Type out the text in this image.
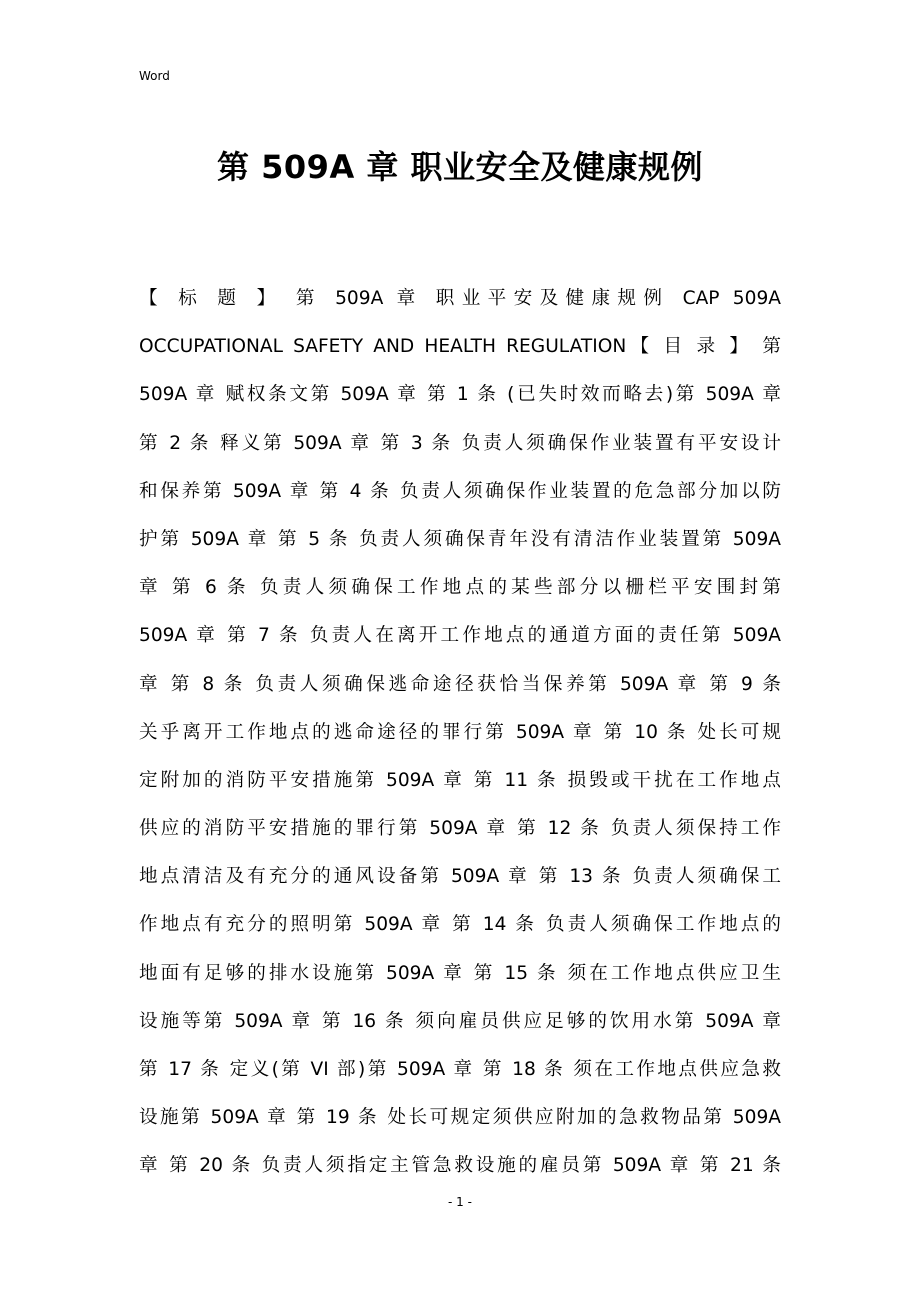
Word
第 509A 章 职业安全及健康规例
【 标 题 】 第 509A 章 职业平安及健康规例 CAP 509A
OCCUPATIONAL SAFETY AND HEALTH REGULATION【 目 录 】 第
509A 章 赋权条文第 509A 章 第 1 条 (已失时效而略去)第 509A 章
第 2 条 释义第 509A 章 第 3 条 负责人须确保作业装置有平安设计
和保养第 509A 章 第 4 条 负责人须确保作业装置的危急部分加以防
护第 509A 章 第 5 条 负责人须确保青年没有清洁作业装置第 509A
章 第 6 条 负责人须确保工作地点的某些部分以栅栏平安围封第
509A 章 第 7 条 负责人在离开工作地点的通道方面的责任第 509A
章 第 8 条 负责人须确保逃命途径获恰当保养第 509A 章 第 9 条
关乎离开工作地点的逃命途径的罪行第 509A 章 第 10 条 处长可规
定附加的消防平安措施第 509A 章 第 11 条 损毁或干扰在工作地点
供应的消防平安措施的罪行第 509A 章 第 12 条 负责人须保持工作
地点清洁及有充分的通风设备第 509A 章 第 13 条 负责人须确保工
作地点有充分的照明第 509A 章 第 14 条 负责人须确保工作地点的
地面有足够的排水设施第 509A 章 第 15 条 须在工作地点供应卫生
设施等第 509A 章 第 16 条 须向雇员供应足够的饮用水第 509A 章
第 17 条 定义(第 VI 部)第 509A 章 第 18 条 须在工作地点供应急救
设施第 509A 章 第 19 条 处长可规定须供应附加的急救物品第 509A
章 第 20 条 负责人须指定主管急救设施的雇员第 509A 章 第 21 条
- 1 -
